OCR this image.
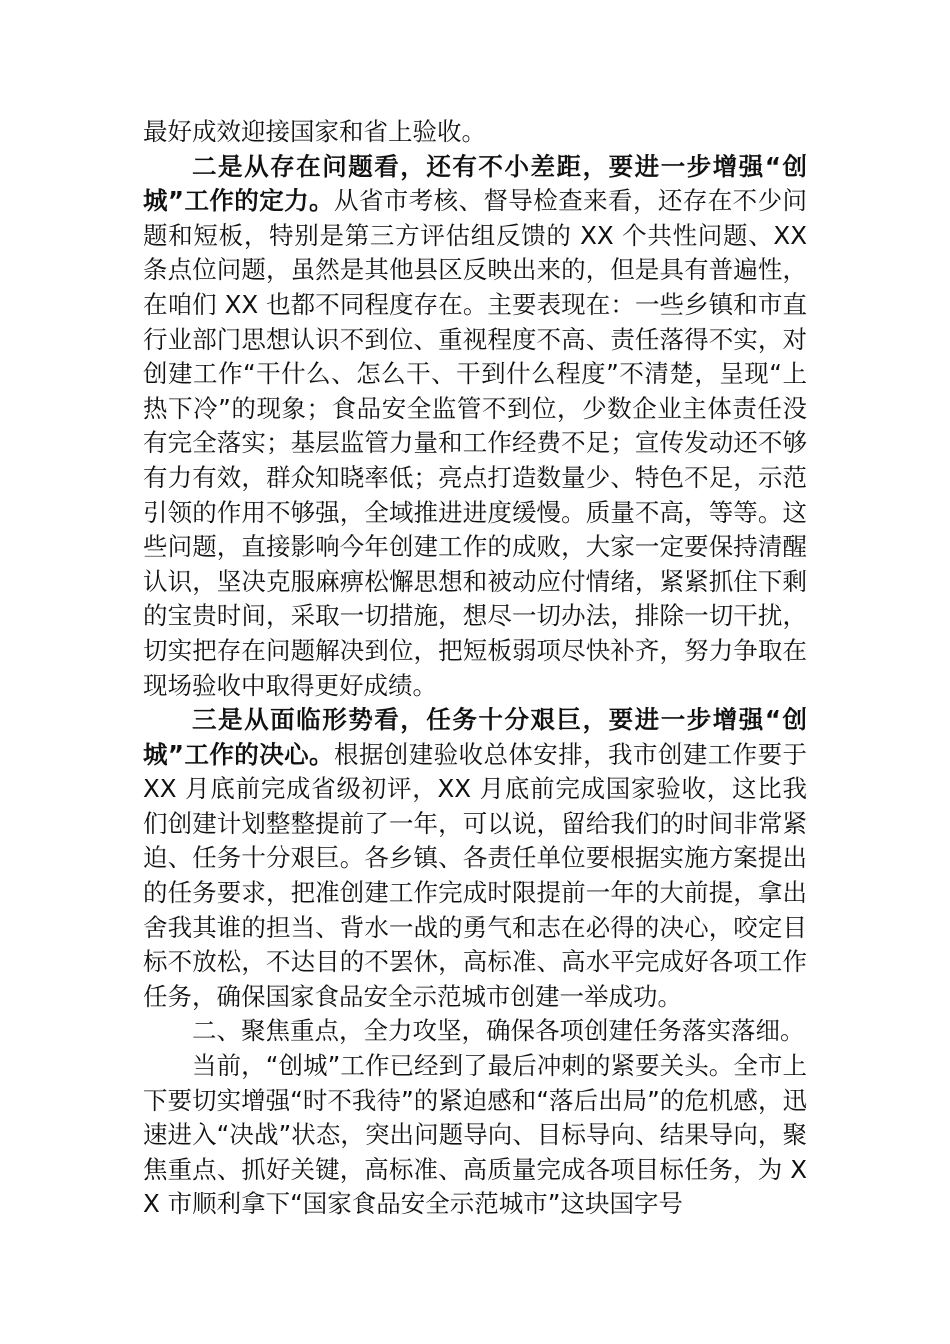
最好成效迎接国家和省上验收。

二是从存在问题看，还有不小差距，要进一步增强“创城”工作的定力。从省市考核、督导检查来看，还存在不少问题和短板，特别是第三方评估组反馈的 XX 个共性问题、XX 条点位问题，虽然是其他县区反映出来的，但是具有普遍性，在咱们 XX 也都不同程度存在。主要表现在：一些乡镇和市直行业部门思想认识不到位、重视程度不高、责任落得不实，对创建工作“干什么、怎么干、干到什么程度”不清楚，呈现“上热下冷”的现象；食品安全监管不到位，少数企业主体责任没有完全落实；基层监管力量和工作经费不足；宣传发动还不够有力有效，群众知晓率低；亮点打造数量少、特色不足，示范引领的作用不够强，全域推进进度缓慢。质量不高，等等。这些问题，直接影响今年创建工作的成败，大家一定要保持清醒认识，坚决克服麻痹松懈思想和被动应付情绪，紧紧抓住下剩的宝贵时间，采取一切措施，想尽一切办法，排除一切干扰，切实把存在问题解决到位，把短板弱项尽快补齐，努力争取在现场验收中取得更好成绩。

三是从面临形势看，任务十分艰巨，要进一步增强“创城”工作的决心。根据创建验收总体安排，我市创建工作要于 XX 月底前完成省级初评，XX 月底前完成国家验收，这比我们创建计划整整提前了一年，可以说，留给我们的时间非常紧迫、任务十分艰巨。各乡镇、各责任单位要根据实施方案提出的任务要求，把准创建工作完成时限提前一年的大前提，拿出舍我其谁的担当、背水一战的勇气和志在必得的决心，咬定目标不放松，不达目的不罢休，高标准、高水平完成好各项工作任务，确保国家食品安全示范城市创建一举成功。

二、聚焦重点，全力攻坚，确保各项创建任务落实落细。

当前，“创城”工作已经到了最后冲刺的紧要关头。全市上下要切实增强“时不我待”的紧迫感和“落后出局”的危机感，迅速进入“决战”状态，突出问题导向、目标导向、结果导向，聚焦重点、抓好关键，高标准、高质量完成各项目标任务，为 XX 市顺利拿下“国家食品安全示范城市”这块国字号
